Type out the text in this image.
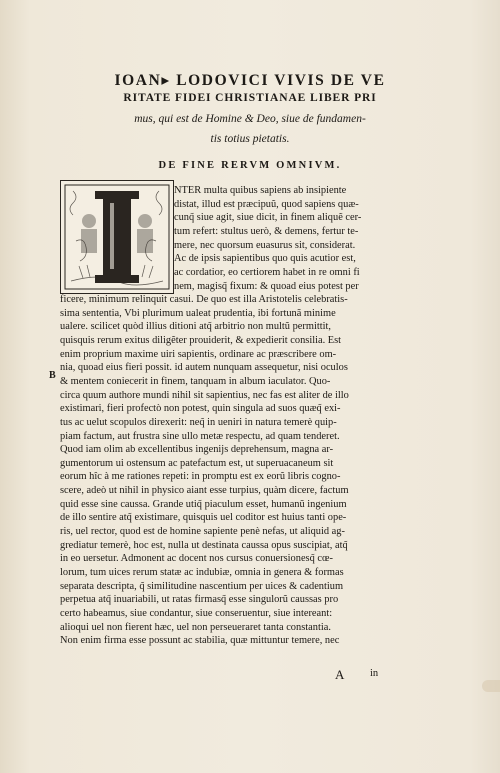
IOAN▸ LODOVICI VIVIS DE VE
RITATE FIDEI CHRISTIANAE LIBER PRI
mus, qui est de Homine & Deo, siue de fundamen-
tis totius pietatis.
DE FINE RERVM OMNIVM.
NTER multa quibus sapiens ab insipiente
distat, illud est præcipuũ, quod sapiens quæ-
cunq̃ siue agit, siue dicit, in finem aliquẽ cer-
tum refert: stultus uerò, & demens, fertur te-
mere, nec quorsum euasurus sit, considerat.
Ac de ipsis sapientibus quo quis acutior est,
ac cordatior, eo certiorem habet in re omni fi
nem, magisq̃ fixum: & quoad eius potest per
ficere, minimum relinquit casui. De quo est illa Aristotelis celebratis-
sima sententia, Vbi plurimum ualeat prudentia, ibi fortunã minime
ualere. scilicet quòd illius ditioni atq̃ arbitrio non multũ permittit,
quisquis rerum exitus diligẽter prouiderit, & expedierit consilia. Est
enim proprium maxime uiri sapientis, ordinare ac præscribere om-
nia, quoad eius fieri possit. id autem nunquam assequetur, nisi oculos
& mentem coniecerit in finem, tanquam in album iaculator. Quo-
circa quum authore mundi nihil sit sapientius, nec fas est aliter de illo
existimari, fieri profectò non potest, quin singula ad suos quæq̃ exi-
tus ac uelut scopulos direxerit: neq̃ in ueniri in natura temerè quip-
piam factum, aut frustra sine ullo metæ respectu, ad quam tenderet.
Quod iam olim ab excellentibus ingenijs deprehensum, magna ar-
gumentorum ui ostensum ac patefactum est, ut superuacaneum sit
eorum hîc à me rationes repeti: in promptu est ex eorũ libris cogno-
scere, adeò ut nihil in physico aiant esse turpius, quàm dicere, factum
quid esse sine caussa. Grande utiq̃ piaculum esset, humanũ ingenium
de illo sentire atq̃ existimare, quisquis uel coditor est huius tanti ope-
ris, uel rector, quod est de homine sapiente penè nefas, ut aliquid ag-
grediatur temerè, hoc est, nulla ut destinata caussa opus suscipiat, atq̃
in eo uersetur. Admonent ac docent nos cursus conuersionesq̃ cœ-
lorum, tum uices rerum statæ ac indubiæ, omnia in genera & formas
separata descripta, q̃ similitudine nascentium per uices & cadentium
perpetua atq̃ inuariabili, ut ratas firmasq̃ esse singulorũ caussas pro
certo habeamus, siue condantur, siue conseruentur, siue intereant:
alioqui uel non fierent hæc, uel non perseueraret tanta constantia.
Non enim firma esse possunt ac stabilia, quæ mittuntur temere, nec
B
A in
